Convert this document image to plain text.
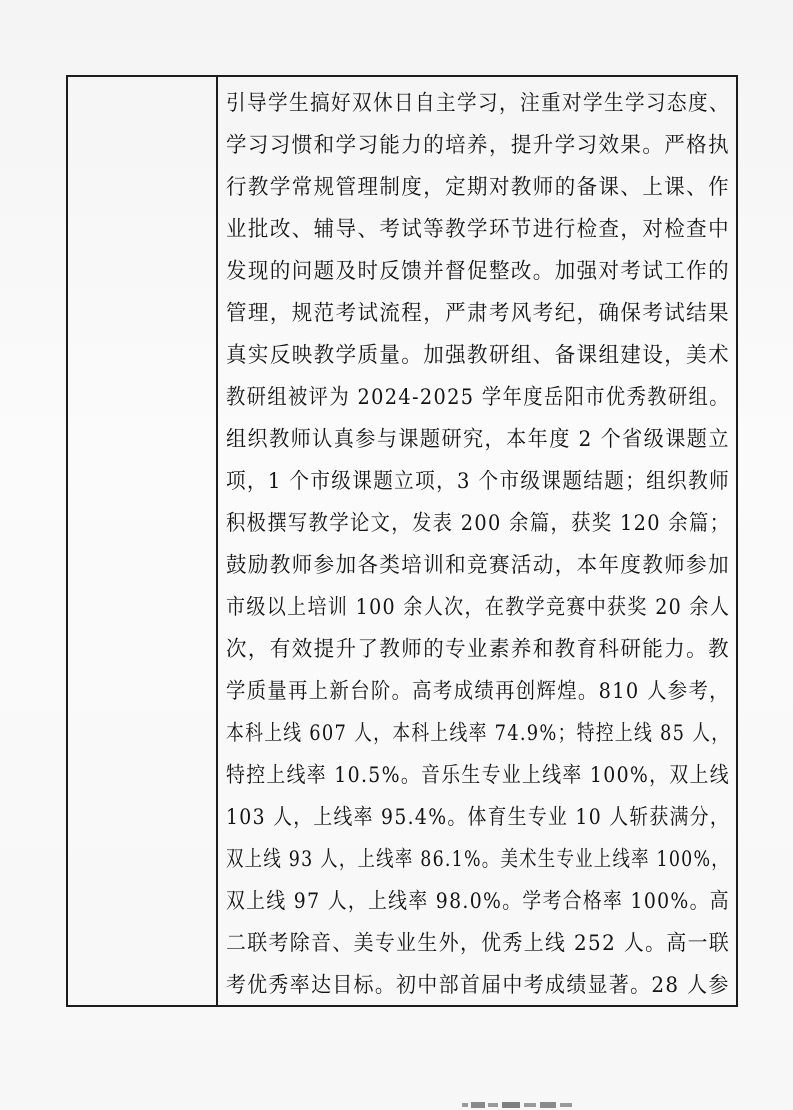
引导学生搞好双休日自主学习，注重对学生学习态度、
学习习惯和学习能力的培养，提升学习效果。严格执
行教学常规管理制度，定期对教师的备课、上课、作
业批改、辅导、考试等教学环节进行检查，对检查中
发现的问题及时反馈并督促整改。加强对考试工作的
管理，规范考试流程，严肃考风考纪，确保考试结果
真实反映教学质量。加强教研组、备课组建设，美术
教研组被评为 2024-2025 学年度岳阳市优秀教研组。
组织教师认真参与课题研究，本年度 2 个省级课题立
项，1 个市级课题立项，3 个市级课题结题；组织教师
积极撰写教学论文，发表 200 余篇，获奖 120 余篇；
鼓励教师参加各类培训和竞赛活动，本年度教师参加
市级以上培训 100 余人次，在教学竞赛中获奖 20 余人
次，有效提升了教师的专业素养和教育科研能力。教
学质量再上新台阶。高考成绩再创辉煌。810 人参考，
本科上线 607 人，本科上线率 74.9%；特控上线 85 人，
特控上线率 10.5%。音乐生专业上线率 100%，双上线
103 人，上线率 95.4%。体育生专业 10 人斩获满分，
双上线 93 人，上线率 86.1%。美术生专业上线率 100%，
双上线 97 人，上线率 98.0%。学考合格率 100%。高
二联考除音、美专业生外，优秀上线 252 人。高一联
考优秀率达目标。初中部首届中考成绩显著。28 人参
